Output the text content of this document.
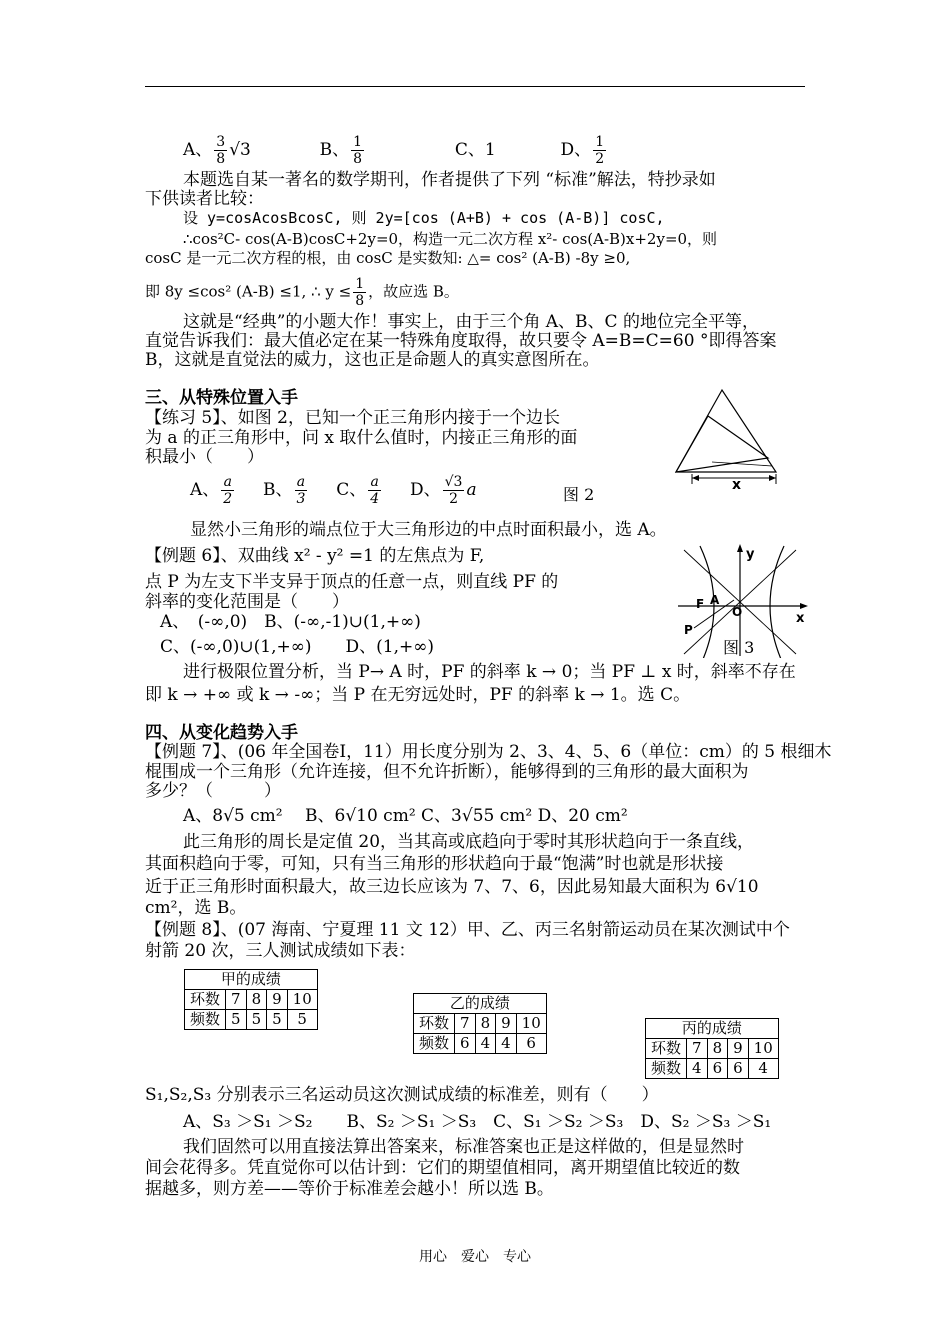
A、 $\frac{3}{8} √3$	B、 $\frac{1}{8}$	C、1	D、 $\frac{1}{2}$
本题选自某一著名的数学期刊，作者提供了下列 “标准”解法，特抄录如
下供读者比较：
设 y=cosAcosBcosC, 则 2y=[cos (A+B) + cos (A-B)] cosC,
∴cos²C- cos(A-B)cosC+2y=0，构造一元二次方程 x²- cos(A-B)x+2y=0，则
cosC 是一元二次方程的根，由 cosC 是实数知: △= cos² (A-B) -8y ≥0,
即 8y ≤cos² (A-B) ≤1, ∴ $y \le \frac{1}{8}$ ，故应选 B。
这就是“经典”的小题大作！事实上，由于三个角 A、B、C 的地位完全平等，
直觉告诉我们：最大值必定在某一特殊角度取得，故只要令 A=B=C=60 °即得答案
B，这就是直觉法的威力，这也正是命题人的真实意图所在。
三、从特殊位置入手
【练习 5】、如图 2，已知一个正三角形内接于一个边长
为 a 的正三角形中，问 x 取什么值时，内接正三角形的面
积最小（　　）
A、 $\frac{a}{2}$ B、 $\frac{a}{3}$ C、 $\frac{a}{4}$ D、 $\frac{√3}{2}$ a	图 2	x
显然小三角形的端点位于大三角形边的中点时面积最小，选 A。
【例题 6】、双曲线 x² - y² =1 的左焦点为 F,
点 P 为左支下半支异于顶点的任意一点，则直线 PF 的
斜率的变化范围是（　　）
A、　(-∞,0)　B、(-∞,-1)∪(1,+∞)
C、(-∞,0)∪(1,+∞)　　D、(1,+∞)
y
x
O
A
P
F
图 3
进行极限位置分析，当 P→ A 时，PF 的斜率 k → 0；当 PF ⊥ x 时，斜率不存在
即 k → +∞ 或 k → -∞；当 P 在无穷远处时，PF 的斜率 k → 1。选 C。
四、从变化趋势入手
【例题 7】、(06 年全国卷Ⅰ，11）用长度分别为 2、3、4、5、6（单位：cm）的 5 根细木
棍围成一个三角形（允许连接，但不允许折断），能够得到的三角形的最大面积为
多少？（　　　）
A、8√5 cm²　 B、6√10 cm² C、3√55 cm² D、20 cm²
此三角形的周长是定值 20，当其高或底趋向于零时其形状趋向于一条直线，
其面积趋向于零，可知，只有当三角形的形状趋向于最“饱满”时也就是形状接
近于正三角形时面积最大，故三边长应该为 7、7、6，因此易知最大面积为 6√10
cm²，选 B。
【例题 8】、(07 海南、宁夏理 11 文 12）甲、乙、丙三名射箭运动员在某次测试中个
射箭 20 次，三人测试成绩如下表：
甲的成绩				
环数	7	8	9	10
频数	5	5	5	5
乙的成绩				
环数	7	8	9	10
频数	6	4	4	6
丙的成绩				
环数	7	8	9	10
频数	4	6	6	4
S₁,S₂,S₃ 分别表示三名运动员这次测试成绩的标准差，则有（　　）
A、S₃ ＞S₁ ＞S₂　　B、S₂ ＞S₁ ＞S₃　C、S₁ ＞S₂ ＞S₃　D、S₂ ＞S₃ ＞S₁
我们固然可以用直接法算出答案来，标准答案也正是这样做的，但是显然时
间会花得多。凭直觉你可以估计到：它们的期望值相同，离开期望值比较近的数
据越多，则方差——等价于标准差会越小！所以选 B。
用心　爱心　专心
